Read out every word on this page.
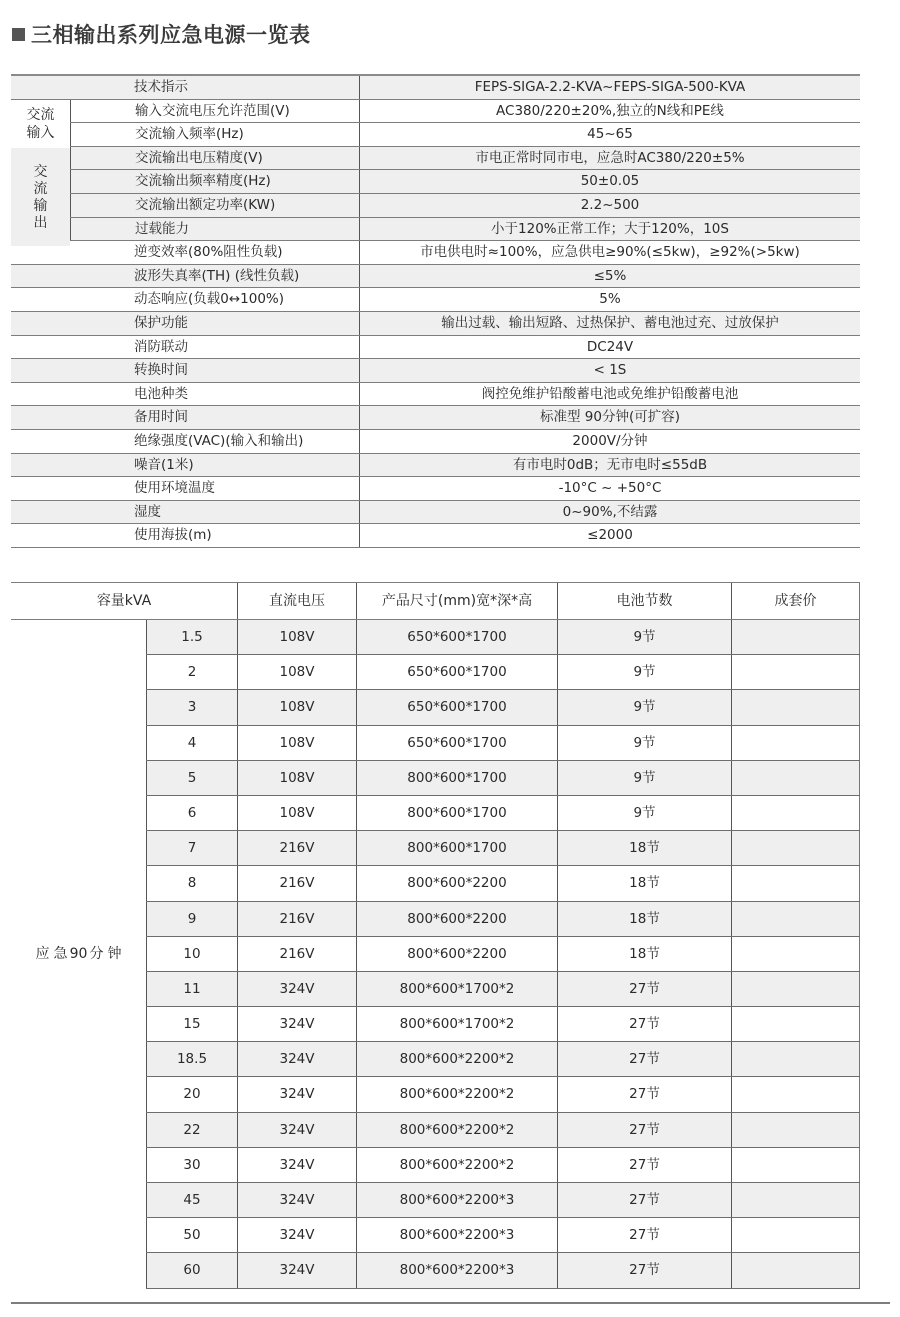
三相输出系列应急电源一览表
技术指示	FEPS-SIGA-2.2-KVA~FEPS-SIGA-500-KVA
输入交流电压允许范围(V)	AC380/220±20%,独立的N线和PE线
交流输入频率(Hz)	45~65
交流输出电压精度(V)	市电正常时同市电，应急时AC380/220±5%
交流输出频率精度(Hz)	50±0.05
交流输出额定功率(KW)	2.2~500
过载能力	小于120%正常工作；大于120%，10S
逆变效率(80%阻性负载)	市电供电时≈100%，应急供电≥90%(≤5kw)，≥92%(>5kw)
波形失真率(TH) (线性负载)	≤5%
动态响应(负载0↔100%)	5%
保护功能	输出过载、输出短路、过热保护、蓄电池过充、过放保护
消防联动	DC24V
转换时间	< 1S
电池种类	阀控免维护铅酸蓄电池或免维护铅酸蓄电池
备用时间	标准型 90分钟(可扩容)
绝缘强度(VAC)(输入和输出)	2000V/分钟
噪音(1米)	有市电时0dB；无市电时≤55dB
使用环境温度	-10°C ~ +50°C
湿度	0~90%,不结露
使用海拔(m)	≤2000
交流输入
交流输出
容量kVA	直流电压	产品尺寸(mm)宽*深*高	电池节数	成套价
应 急 90 分 钟
1.5	108V	650*600*1700	9节
2	108V	650*600*1700	9节
3	108V	650*600*1700	9节
4	108V	650*600*1700	9节
5	108V	800*600*1700	9节
6	108V	800*600*1700	9节
7	216V	800*600*1700	18节
8	216V	800*600*2200	18节
9	216V	800*600*2200	18节
10	216V	800*600*2200	18节
11	324V	800*600*1700*2	27节
15	324V	800*600*1700*2	27节
18.5	324V	800*600*2200*2	27节
20	324V	800*600*2200*2	27节
22	324V	800*600*2200*2	27节
30	324V	800*600*2200*2	27节
45	324V	800*600*2200*3	27节
50	324V	800*600*2200*3	27节
60	324V	800*600*2200*3	27节
